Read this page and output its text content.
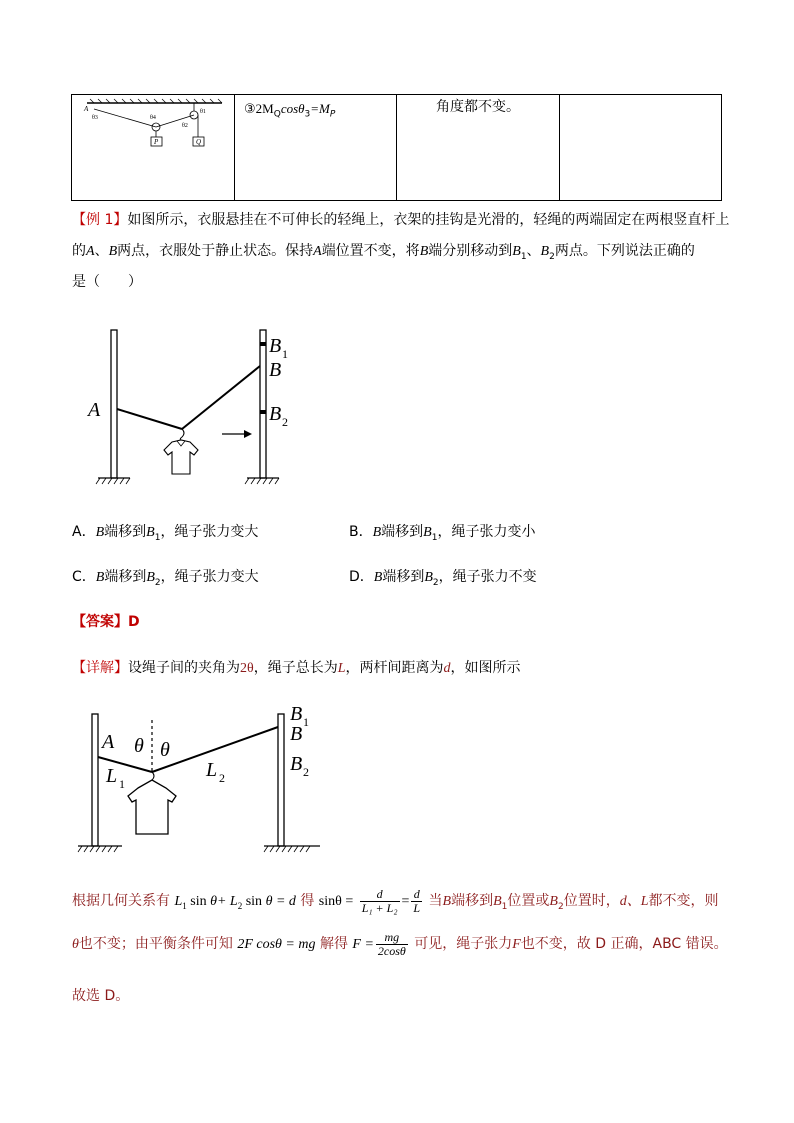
A
θ3	θ4
θ1
θ2
P	Q
$③2M_Q\cos\theta_3=M_P$	角度都不变。
【例 1】如图所示，衣服悬挂在不可伸长的轻绳上，衣架的挂钩是光滑的，轻绳的两端固定在两根竖直杆上
的A、B两点，衣服处于静止状态。保持A端位置不变，将B端分别移动到$B_1$、$B_2$两点。下列说法正确的
是（　　）
A
B 1
B
B 2
A．B端移到$B_1$，绳子张力变大	B．B端移到$B_1$，绳子张力变小
C．B端移到$B_2$，绳子张力变大	D．B端移到$B_2$，绳子张力不变
【答案】D
【详解】设绳子间的夹角为2θ，绳子总长为L，两杆间距离为d，如图所示
A θ θ
L 1
L 2
B 1
B
B 2
根据几何关系有 $L_1$ $\sin \theta+ L_2$ sin θ = d 得 $\sin\theta = \frac{d}{\text{L₁ + L₂}} = \frac{d}{L}$ 当B端移到$B_1$位置或$B_2$位置时，d、L都不变，则
θ也不变；由平衡条件可知 2F cosθ = mg 解得 $F = \frac{mg}{2\cos\theta}$ 可见，绳子张力F也不变，故 D 正确，ABC 错误。
故选 D。
